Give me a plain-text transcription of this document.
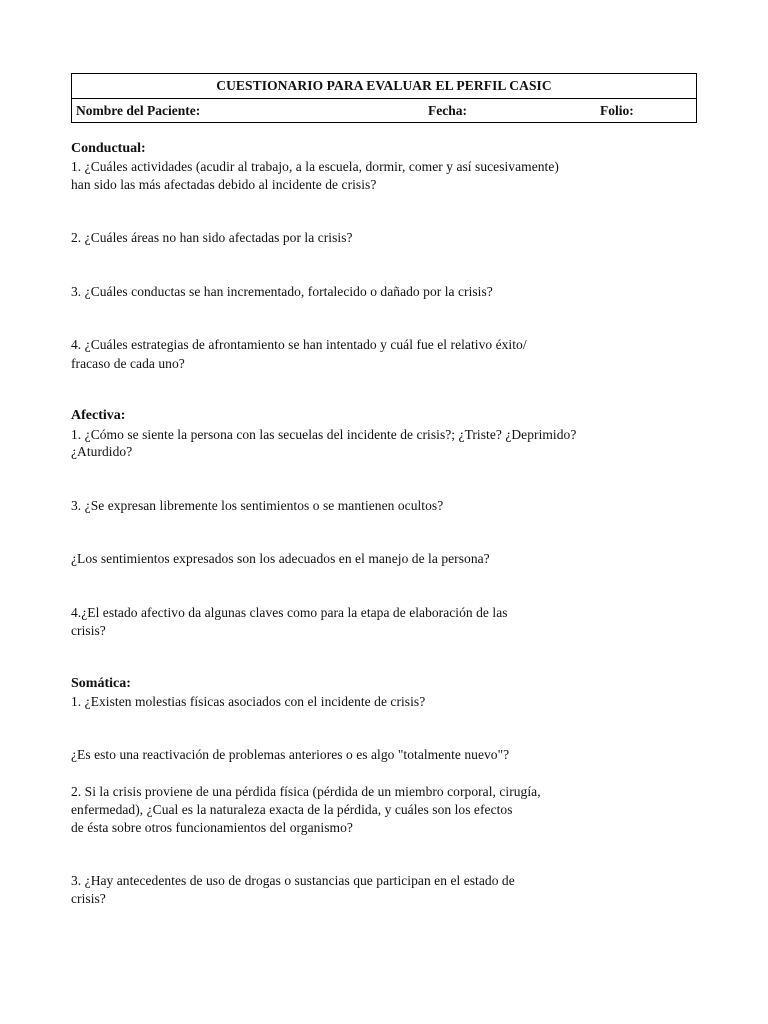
CUESTIONARIO PARA EVALUAR EL PERFIL CASIC
Nombre del Paciente:	Fecha:	Folio:
Conductual:
1. ¿Cuáles actividades (acudir al trabajo, a la escuela, dormir, comer y así sucesivamente)
han sido las más afectadas debido al incidente de crisis?
2. ¿Cuáles áreas no han sido afectadas por la crisis?
3. ¿Cuáles conductas se han incrementado, fortalecido o dañado por la crisis?
4. ¿Cuáles estrategias de afrontamiento se han intentado y cuál fue el relativo éxito/
fracaso de cada uno?
Afectiva:
1. ¿Cómo se siente la persona con las secuelas del incidente de crisis?; ¿Triste? ¿Deprimido?
¿Aturdido?
3. ¿Se expresan libremente los sentimientos o se mantienen ocultos?
¿Los sentimientos expresados son los adecuados en el manejo de la persona?
4.¿El estado afectivo da algunas claves como para la etapa de elaboración de las
crisis?
Somática:
1. ¿Existen molestias físicas asociados con el incidente de crisis?
¿Es esto una reactivación de problemas anteriores o es algo "totalmente nuevo"?
2. Si la crisis proviene de una pérdida física (pérdida de un miembro corporal, cirugía,
enfermedad), ¿Cual es la naturaleza exacta de la pérdida, y cuáles son los efectos
de ésta sobre otros funcionamientos del organismo?
3. ¿Hay antecedentes de uso de drogas o sustancias que participan en el estado de
crisis?
